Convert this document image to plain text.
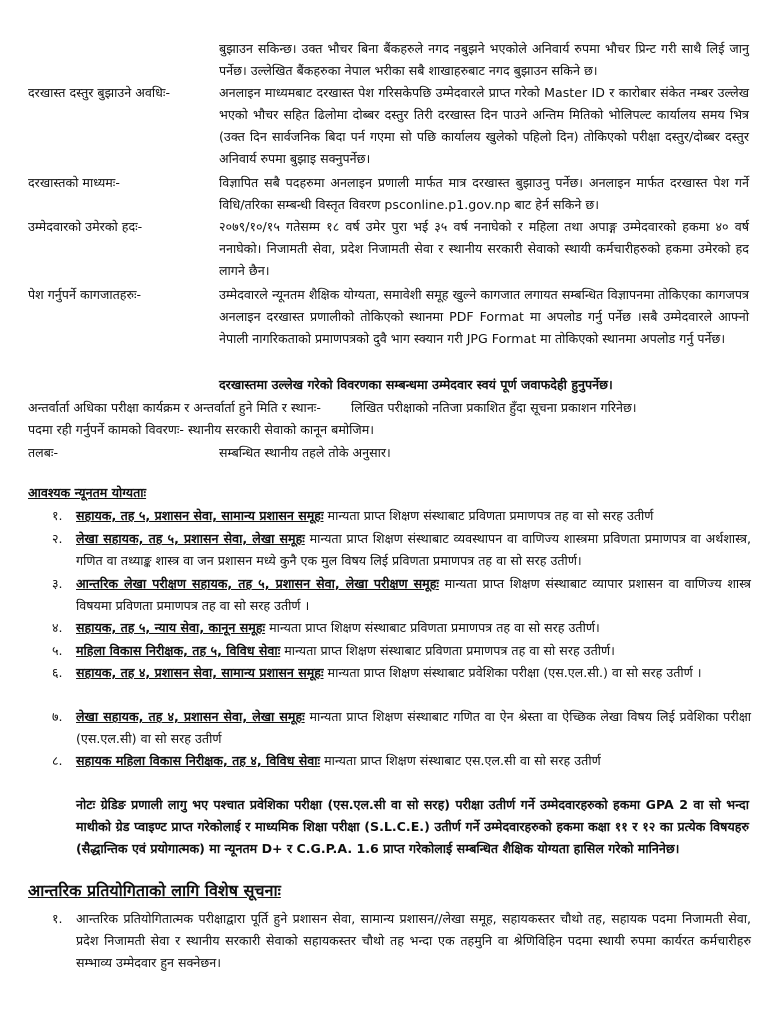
बुझाउन सकिन्छ। उक्त भौचर बिना बैंकहरुले नगद नबुझने भएकोले अनिवार्य रुपमा भौचर प्रिन्ट गरी साथै लिई जानु पर्नेछ। उल्लेखित बैंकहरुका नेपाल भरीका सबै शाखाहरुबाट नगद बुझाउन सकिने छ।
दरखास्त दस्तुर बुझाउने अवधिः-	अनलाइन माध्यमबाट दरखास्त पेश गरिसकेपछि उम्मेदवारले प्राप्त गरेको Master ID र कारोबार संकेत नम्बर उल्लेख भएको भौचर सहित ढिलोमा दोब्बर दस्तुर तिरी दरखास्त दिन पाउने अन्तिम मितिको भोलिपल्ट कार्यालय समय भित्र (उक्त दिन सार्वजनिक बिदा पर्न गएमा सो पछि कार्यालय खुलेको पहिलो दिन) तोकिएको परीक्षा दस्तुर/दोब्बर दस्तुर अनिवार्य रुपमा बुझाइ सक्नुपर्नेछ।
दरखास्तको माध्यमः-	विज्ञापित सबै पदहरुमा अनलाइन प्रणाली मार्फत मात्र दरखास्त बुझाउनु पर्नेछ। अनलाइन मार्फत दरखास्त पेश गर्ने विधि/तरिका सम्बन्धी विस्तृत विवरण psconline.p1.gov.np बाट हेर्न सकिने छ।
उम्मेदवारको उमेरको हदः-	२०७९/१०/१५ गतेसम्म १८ वर्ष उमेर पुरा भई ३५ वर्ष ननाघेको र महिला तथा अपाङ्ग उम्मेदवारको हकमा ४० वर्ष ननाघेको। निजामती सेवा, प्रदेश निजामती सेवा र स्थानीय सरकारी सेवाको स्थायी कर्मचारीहरुको हकमा उमेरको हद लागने छैन।
पेश गर्नुपर्ने कागजातहरुः-	उम्मेदवारले न्यूनतम शैक्षिक योग्यता, समावेशी समूह खुल्ने कागजात लगायत सम्बन्धित विज्ञापनमा तोकिएका कागजपत्र अनलाइन दरखास्त प्रणालीको तोकिएको स्थानमा PDF Format मा अपलोड गर्नु पर्नेछ ।सबै उम्मेदवारले आफ्नो नेपाली नागरिकताको प्रमाणपत्रको दुवै भाग स्क्यान गरी JPG Format मा तोकिएको स्थानमा अपलोड गर्नु पर्नेछ।
दरखास्तमा उल्लेख गरेको विवरणका सम्बन्धमा उम्मेदवार स्वयं पूर्ण जवाफदेही हुनुपर्नेछ।
अन्तर्वार्ता अधिका परीक्षा कार्यक्रम र अन्तर्वार्ता हुने मिति र स्थानः- लिखित परीक्षाको नतिजा प्रकाशित हुँदा सूचना प्रकाशन गरिनेछ।
पदमा रही गर्नुपर्ने कामको विवरणः- स्थानीय सरकारी सेवाको कानून बमोजिम।
तलबः-	सम्बन्धित स्थानीय तहले तोके अनुसार।
आवश्यक न्यूनतम योग्यताः
१.	सहायक, तह ५, प्रशासन सेवा, सामान्य प्रशासन समूहः मान्यता प्राप्त शिक्षण संस्थाबाट प्रविणता प्रमाणपत्र तह वा सो सरह उतीर्ण
२.	लेखा सहायक, तह ५, प्रशासन सेवा, लेखा समूहः मान्यता प्राप्त शिक्षण संस्थाबाट व्यवस्थापन वा वाणिज्य शास्त्रमा प्रविणता प्रमाणपत्र वा अर्थशास्त्र, गणित वा तथ्याङ्क शास्त्र वा जन प्रशासन मध्ये कुनै एक मुल विषय लिई प्रविणता प्रमाणपत्र तह वा सो सरह उतीर्ण।
३.	आन्तरिक लेखा परीक्षण सहायक, तह ५, प्रशासन सेवा, लेखा परीक्षण समूहः मान्यता प्राप्त शिक्षण संस्थाबाट व्यापार प्रशासन वा वाणिज्य शास्त्र विषयमा प्रविणता प्रमाणपत्र तह वा सो सरह उतीर्ण ।
४.	सहायक, तह ५, न्याय सेवा, कानून समूहः मान्यता प्राप्त शिक्षण संस्थाबाट प्रविणता प्रमाणपत्र तह वा सो सरह उतीर्ण।
५.	महिला विकास निरीक्षक, तह ५, विविध सेवाः मान्यता प्राप्त शिक्षण संस्थाबाट प्रविणता प्रमाणपत्र तह वा सो सरह उतीर्ण।
६.	सहायक, तह ४, प्रशासन सेवा, सामान्य प्रशासन समूहः मान्यता प्राप्त शिक्षण संस्थाबाट प्रवेशिका परीक्षा (एस.एल.सी.) वा सो सरह उतीर्ण ।
७.	लेखा सहायक, तह ४, प्रशासन सेवा, लेखा समूहः मान्यता प्राप्त शिक्षण संस्थाबाट गणित वा ऐन श्रेस्ता वा ऐच्छिक लेखा विषय लिई प्रवेशिका परीक्षा (एस.एल.सी) वा सो सरह उतीर्ण
८.	सहायक महिला विकास निरीक्षक, तह ४, विविध सेवाः मान्यता प्राप्त शिक्षण संस्थाबाट एस.एल.सी वा सो सरह उतीर्ण
नोटः ग्रेडिङ प्रणाली लागु भए पश्चात प्रवेशिका परीक्षा (एस.एल.सी वा सो सरह) परीक्षा उतीर्ण गर्ने उम्मेदवारहरुको हकमा GPA 2 वा सो भन्दा माथीको ग्रेड प्वाइण्ट प्राप्त गरेकोलाई र माध्यमिक शिक्षा परीक्षा (S.L.C.E.) उतीर्ण गर्ने उम्मेदवारहरुको हकमा कक्षा ११ र १२ का प्रत्येक विषयहरु (सैद्धान्तिक एवं प्रयोगात्मक) मा न्यूनतम D+ र C.G.P.A. 1.6 प्राप्त गरेकोलाई सम्बन्धित शैक्षिक योग्यता हासिल गरेको मानिनेछ।
आन्तरिक प्रतियोगिताको लागि विशेष सूचनाः
१.	आन्तरिक प्रतियोगितात्मक परीक्षाद्वारा पूर्ति हुने प्रशासन सेवा, सामान्य प्रशासन//लेखा समूह, सहायकस्तर चौथो तह, सहायक पदमा निजामती सेवा, प्रदेश निजामती सेवा र स्थानीय सरकारी सेवाको सहायकस्तर चौथो तह भन्दा एक तहमुनि वा श्रेणिविहिन पदमा स्थायी रुपमा कार्यरत कर्मचारीहरु सम्भाव्य उम्मेदवार हुन सक्नेछन।
